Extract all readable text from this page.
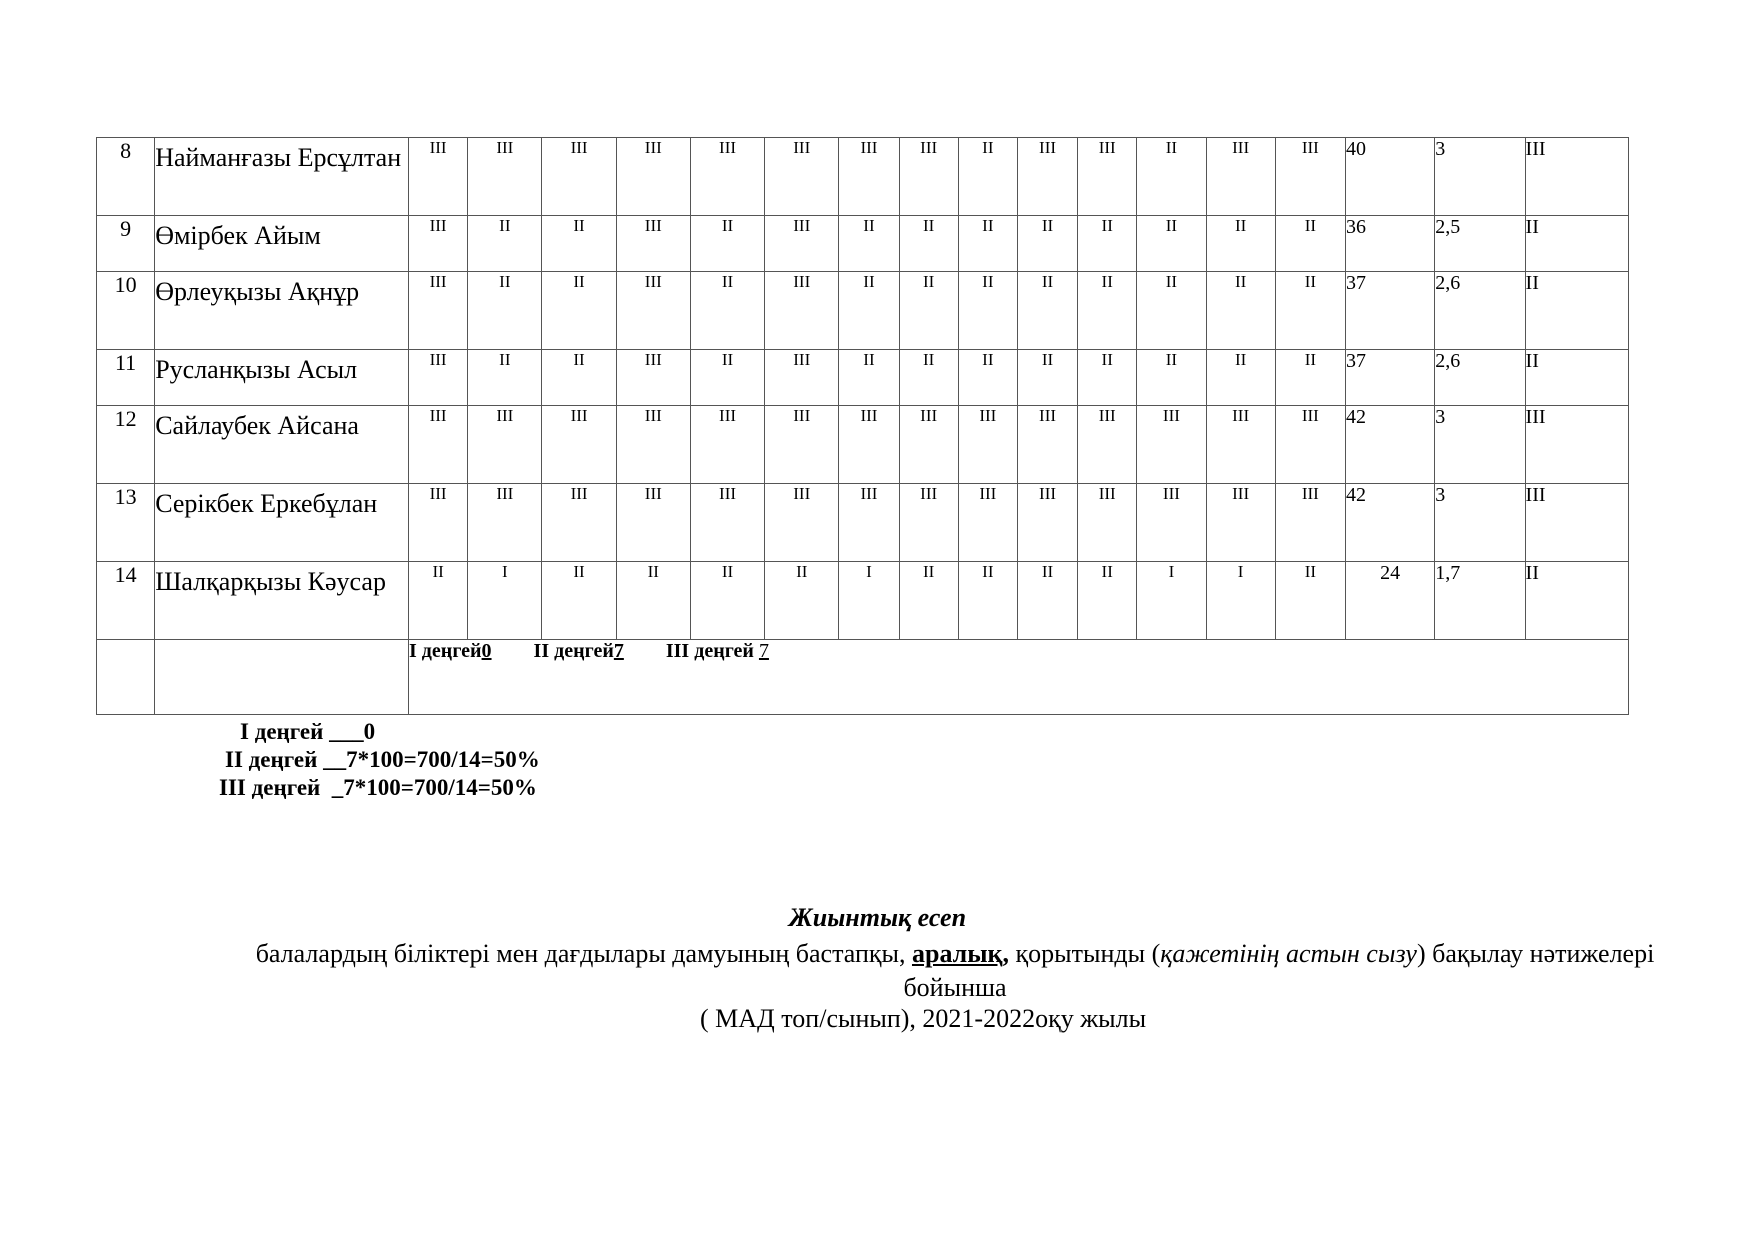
8	Найманғазы Ерсұлтан	III	III	III	III	III	III	III	III	II	III	III	II	III	III	40	3	III
9	Өмірбек Айым	III	II	II	III	II	III	II	II	II	II	II	II	II	II	36	2,5	II
10	Өрлеуқызы Ақнұр	III	II	II	III	II	III	II	II	II	II	II	II	II	II	37	2,6	II
11	Русланқызы Асыл	III	II	II	III	II	III	II	II	II	II	II	II	II	II	37	2,6	II
12	Сайлаубек Айсана	III	III	III	III	III	III	III	III	III	III	III	III	III	III	42	3	III
13	Серікбек Еркебұлан	III	III	III	III	III	III	III	III	III	III	III	III	III	III	42	3	III
14	Шалқарқызы Кәусар	II	I	II	II	II	II	I	II	II	II	II	I	I	II	24	1,7	II
		I деңгей0 II деңгей7 III деңгей 7																
I деңгей ___0
II деңгей __7*100=700/14=50%
III деңгей  _7*100=700/14=50%
Жиынтық есеп
балалардың біліктері мен дағдылары дамуының бастапқы, аралық, қорытынды (қажетінің астын сызу) бақылау нәтижелері бойынша
( МАД топ/сынып), 2021-2022оқу жылы
